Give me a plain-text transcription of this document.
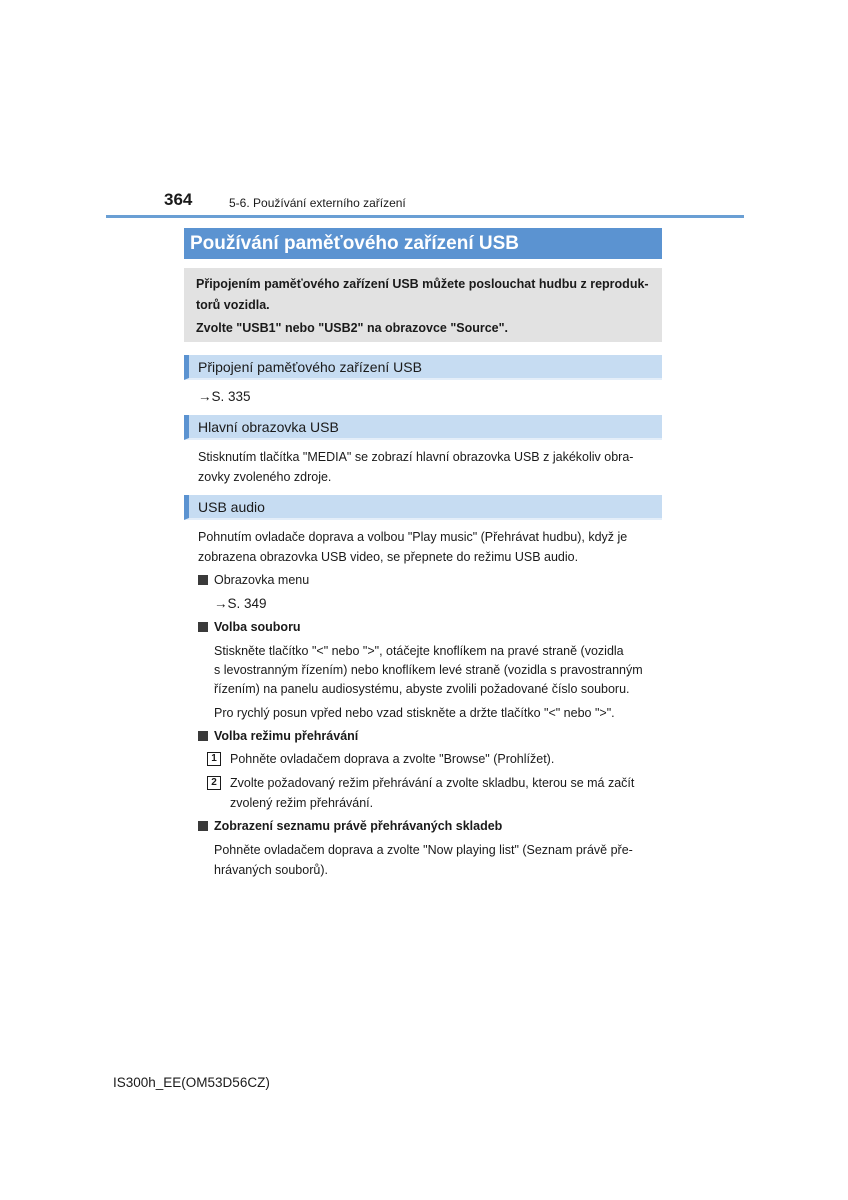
364	5-6. Používání externího zařízení
Používání paměťového zařízení USB

Připojením paměťového zařízení USB můžete poslouchat hudbu z reproduk-

torů vozidla.

Zvolte "USB1" nebo "USB2" na obrazovce "Source".

Připojení paměťového zařízení USB
→S. 335
Hlavní obrazovka USB
Stisknutím tlačítka "MEDIA" se zobrazí hlavní obrazovka USB z jakékoliv obra-
zovky zvoleného zdroje.
USB audio
Pohnutím ovladače doprava a volbou "Play music" (Přehrávat hudbu), když je
zobrazena obrazovka USB video, se přepnete do režimu USB audio.
Obrazovka menu
→S. 349
Volba souboru
Stiskněte tlačítko "<" nebo ">", otáčejte knoflíkem na pravé straně (vozidla
s levostranným řízením) nebo knoflíkem levé straně (vozidla s pravostranným
řízením) na panelu audiosystému, abyste zvolili požadované číslo souboru.
Pro rychlý posun vpřed nebo vzad stiskněte a držte tlačítko "<" nebo ">".
Volba režimu přehrávání
1	Pohněte ovladačem doprava a zvolte "Browse" (Prohlížet).
2	Zvolte požadovaný režim přehrávání a zvolte skladbu, kterou se má začít
zvolený režim přehrávání.
Zobrazení seznamu právě přehrávaných skladeb
Pohněte ovladačem doprava a zvolte "Now playing list" (Seznam právě pře-
hrávaných souborů).
IS300h_EE(OM53D56CZ)
